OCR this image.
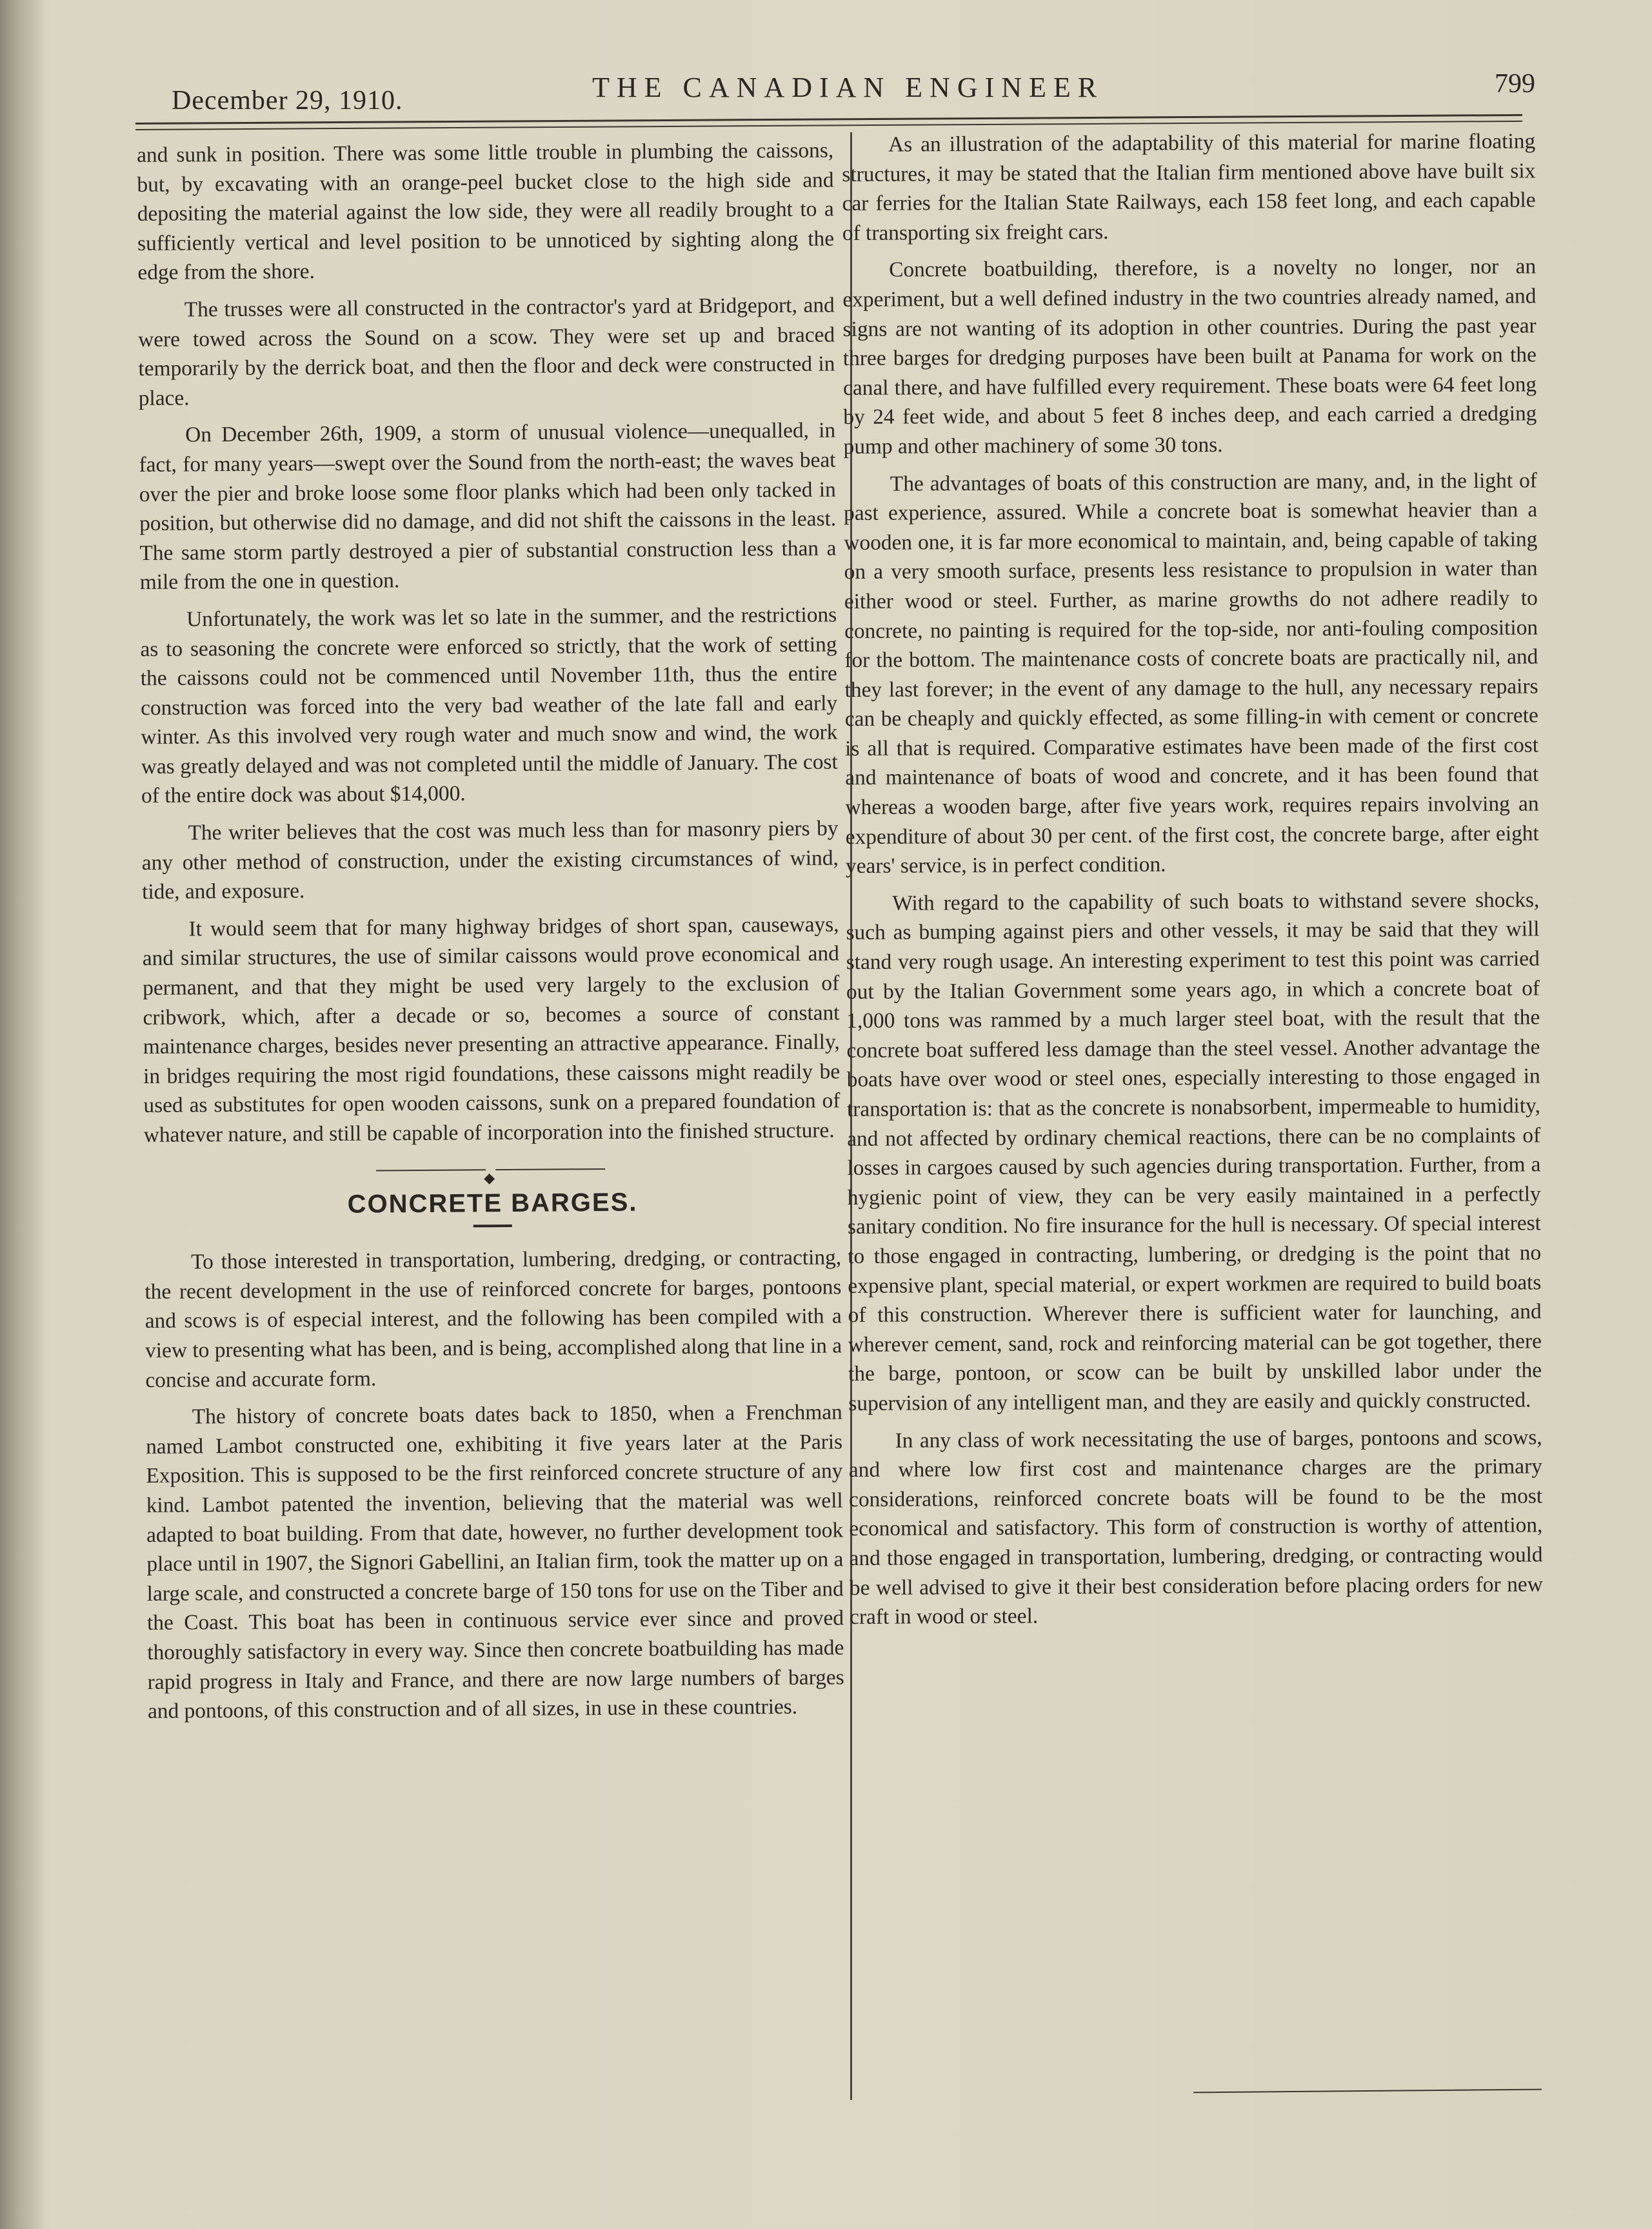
December 29, 1910.	THE CANADIAN ENGINEER	799

and sunk in position. There was some little trouble in plumbing the caissons, but, by excavating with an orange-peel bucket close to the high side and depositing the material against the low side, they were all readily brought to a sufficiently vertical and level position to be unnoticed by sighting along the edge from the shore.

The trusses were all constructed in the contractor's yard at Bridgeport, and were towed across the Sound on a scow. They were set up and braced temporarily by the derrick boat, and then the floor and deck were constructed in place.

On December 26th, 1909, a storm of unusual violence—unequalled, in fact, for many years—swept over the Sound from the north-east; the waves beat over the pier and broke loose some floor planks which had been only tacked in position, but otherwise did no damage, and did not shift the caissons in the least. The same storm partly destroyed a pier of substantial construction less than a mile from the one in question.

Unfortunately, the work was let so late in the summer, and the restrictions as to seasoning the concrete were enforced so strictly, that the work of setting the caissons could not be commenced until November 11th, thus the entire construction was forced into the very bad weather of the late fall and early winter. As this involved very rough water and much snow and wind, the work was greatly delayed and was not completed until the middle of January. The cost of the entire dock was about $14,000.

The writer believes that the cost was much less than for masonry piers by any other method of construction, under the existing circumstances of wind, tide, and exposure.

It would seem that for many highway bridges of short span, causeways, and similar structures, the use of similar caissons would prove economical and permanent, and that they might be used very largely to the exclusion of cribwork, which, after a decade or so, becomes a source of constant maintenance charges, besides never presenting an attractive appearance. Finally, in bridges requiring the most rigid foundations, these caissons might readily be used as substitutes for open wooden caissons, sunk on a prepared foundation of whatever nature, and still be capable of incorporation into the finished structure.

◆
CONCRETE BARGES.

To those interested in transportation, lumbering, dredging, or contracting, the recent development in the use of reinforced concrete for barges, pontoons and scows is of especial interest, and the following has been compiled with a view to presenting what has been, and is being, accomplished along that line in a concise and accurate form.

The history of concrete boats dates back to 1850, when a Frenchman named Lambot constructed one, exhibiting it five years later at the Paris Exposition. This is supposed to be the first reinforced concrete structure of any kind. Lambot patented the invention, believing that the material was well adapted to boat building. From that date, however, no further development took place until in 1907, the Signori Gabellini, an Italian firm, took the matter up on a large scale, and constructed a concrete barge of 150 tons for use on the Tiber and the Coast. This boat has been in continuous service ever since and proved thoroughly satisfactory in every way. Since then concrete boatbuilding has made rapid progress in Italy and France, and there are now large numbers of barges and pontoons, of this construction and of all sizes, in use in these countries.

As an illustration of the adaptability of this material for marine floating structures, it may be stated that the Italian firm mentioned above have built six car ferries for the Italian State Railways, each 158 feet long, and each capable of transporting six freight cars.

Concrete boatbuilding, therefore, is a novelty no longer, nor an experiment, but a well defined industry in the two countries already named, and signs are not wanting of its adoption in other countries. During the past year three barges for dredging purposes have been built at Panama for work on the canal there, and have fulfilled every requirement. These boats were 64 feet long by 24 feet wide, and about 5 feet 8 inches deep, and each carried a dredging pump and other machinery of some 30 tons.

The advantages of boats of this construction are many, and, in the light of past experience, assured. While a concrete boat is somewhat heavier than a wooden one, it is far more economical to maintain, and, being capable of taking on a very smooth surface, presents less resistance to propulsion in water than either wood or steel. Further, as marine growths do not adhere readily to concrete, no painting is required for the top-side, nor anti-fouling composition for the bottom. The maintenance costs of concrete boats are practically nil, and they last forever; in the event of any damage to the hull, any necessary repairs can be cheaply and quickly effected, as some filling-in with cement or concrete is all that is required. Comparative estimates have been made of the first cost and maintenance of boats of wood and concrete, and it has been found that whereas a wooden barge, after five years work, requires repairs involving an expenditure of about 30 per cent. of the first cost, the concrete barge, after eight years' service, is in perfect condition.

With regard to the capability of such boats to withstand severe shocks, such as bumping against piers and other vessels, it may be said that they will stand very rough usage. An interesting experiment to test this point was carried out by the Italian Government some years ago, in which a concrete boat of 1,000 tons was rammed by a much larger steel boat, with the result that the concrete boat suffered less damage than the steel vessel. Another advantage the boats have over wood or steel ones, especially interesting to those engaged in transportation is: that as the concrete is nonabsorbent, impermeable to humidity, and not affected by ordinary chemical reactions, there can be no complaints of losses in cargoes caused by such agencies during transportation. Further, from a hygienic point of view, they can be very easily maintained in a perfectly sanitary condition. No fire insurance for the hull is necessary. Of special interest to those engaged in contracting, lumbering, or dredging is the point that no expensive plant, special material, or expert workmen are required to build boats of this construction. Wherever there is sufficient water for launching, and wherever cement, sand, rock and reinforcing material can be got together, there the barge, pontoon, or scow can be built by unskilled labor under the supervision of any intelligent man, and they are easily and quickly constructed.

In any class of work necessitating the use of barges, pontoons and scows, and where low first cost and maintenance charges are the primary considerations, reinforced concrete boats will be found to be the most economical and satisfactory. This form of construction is worthy of attention, and those engaged in transportation, lumbering, dredging, or contracting would be well advised to give it their best consideration before placing orders for new craft in wood or steel.
